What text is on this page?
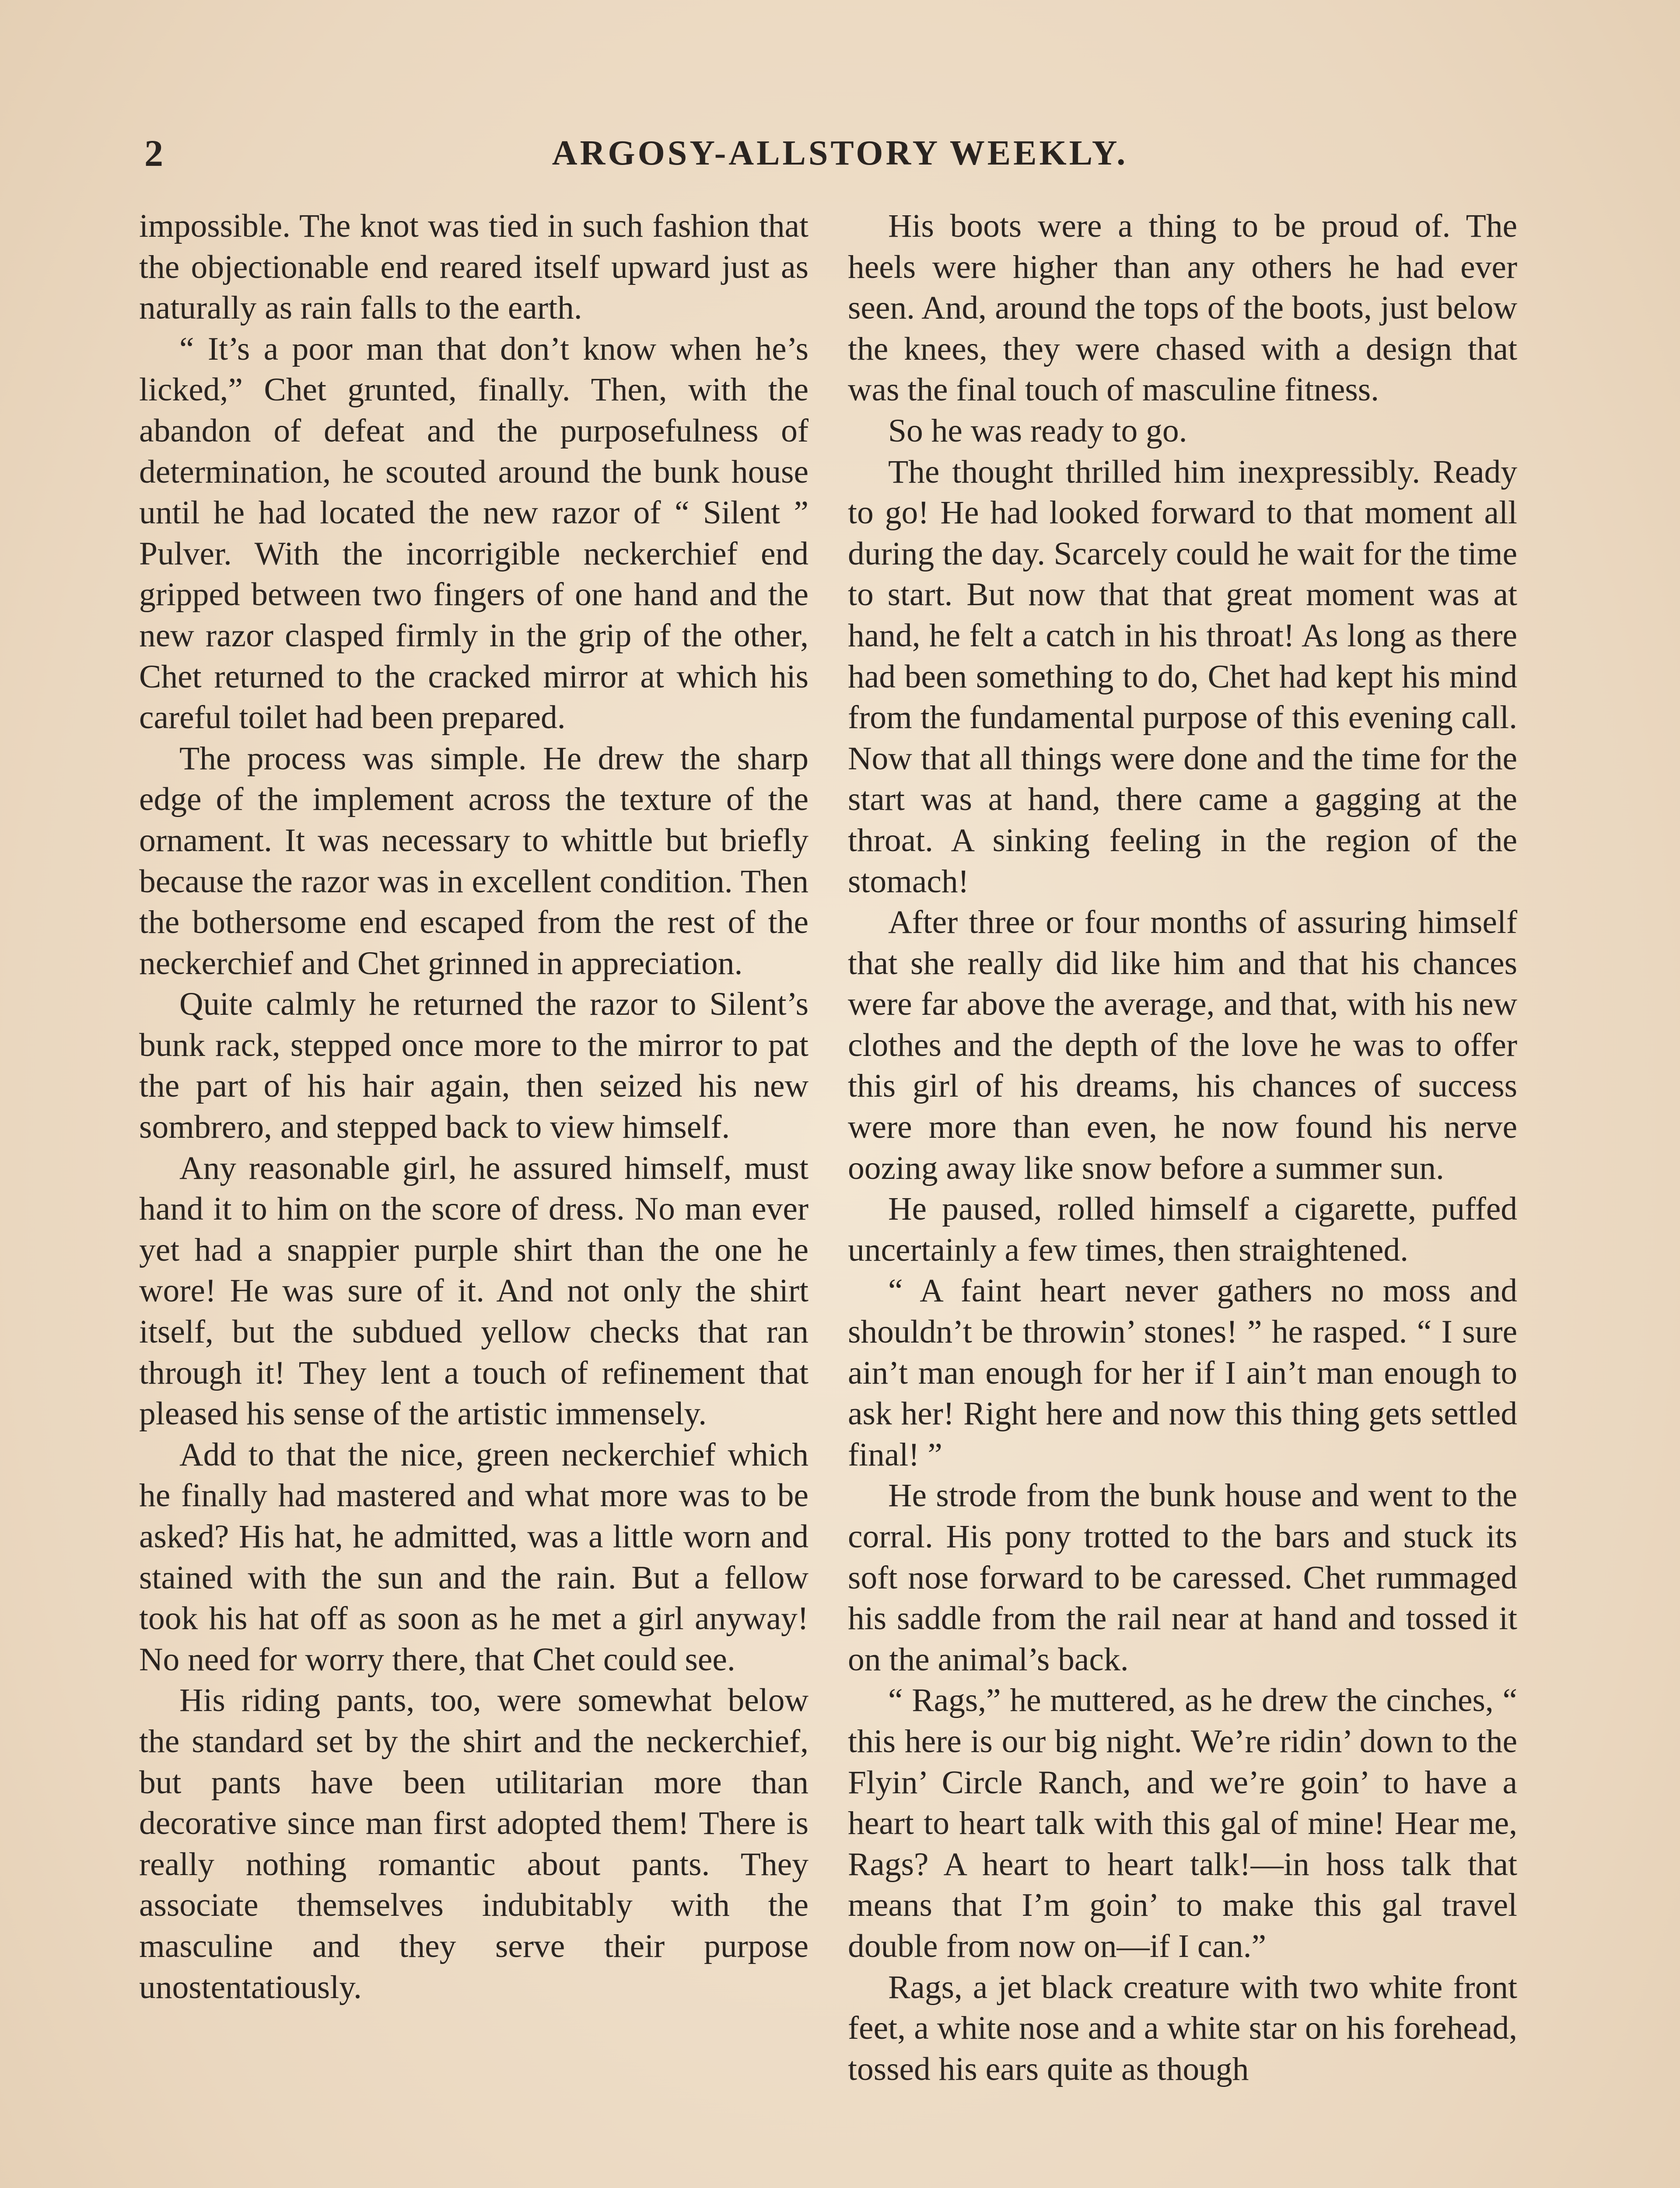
2	ARGOSY-ALLSTORY WEEKLY.

impossible. The knot was tied in such fashion that the objectionable end reared itself upward just as naturally as rain falls to the earth.

“ It’s a poor man that don’t know when he’s licked,” Chet grunted, finally. Then, with the abandon of defeat and the purposefulness of determination, he scouted around the bunk house until he had located the new razor of “ Silent ” Pulver. With the incorrigible neckerchief end gripped between two fingers of one hand and the new razor clasped firmly in the grip of the other, Chet returned to the cracked mirror at which his careful toilet had been prepared.

The process was simple. He drew the sharp edge of the implement across the texture of the ornament. It was necessary to whittle but briefly because the razor was in excellent condition. Then the bothersome end escaped from the rest of the neckerchief and Chet grinned in appreciation.

Quite calmly he returned the razor to Silent’s bunk rack, stepped once more to the mirror to pat the part of his hair again, then seized his new sombrero, and stepped back to view himself.

Any reasonable girl, he assured himself, must hand it to him on the score of dress. No man ever yet had a snappier purple shirt than the one he wore! He was sure of it. And not only the shirt itself, but the subdued yellow checks that ran through it! They lent a touch of refinement that pleased his sense of the artistic immensely.

Add to that the nice, green neckerchief which he finally had mastered and what more was to be asked? His hat, he admitted, was a little worn and stained with the sun and the rain. But a fellow took his hat off as soon as he met a girl anyway! No need for worry there, that Chet could see.

His riding pants, too, were somewhat below the standard set by the shirt and the neckerchief, but pants have been utilitarian more than decorative since man first adopted them! There is really nothing romantic about pants. They associate themselves indubitably with the masculine and they serve their purpose unostentatiously.

His boots were a thing to be proud of. The heels were higher than any others he had ever seen. And, around the tops of the boots, just below the knees, they were chased with a design that was the final touch of masculine fitness.

So he was ready to go.

The thought thrilled him inexpressibly. Ready to go! He had looked forward to that moment all during the day. Scarcely could he wait for the time to start. But now that that great moment was at hand, he felt a catch in his throat! As long as there had been something to do, Chet had kept his mind from the fundamental purpose of this evening call. Now that all things were done and the time for the start was at hand, there came a gagging at the throat. A sinking feeling in the region of the stomach!

After three or four months of assuring himself that she really did like him and that his chances were far above the average, and that, with his new clothes and the depth of the love he was to offer this girl of his dreams, his chances of success were more than even, he now found his nerve oozing away like snow before a summer sun.

He paused, rolled himself a cigarette, puffed uncertainly a few times, then straightened.

“ A faint heart never gathers no moss and shouldn’t be throwin’ stones! ” he rasped. “ I sure ain’t man enough for her if I ain’t man enough to ask her! Right here and now this thing gets settled final! ”

He strode from the bunk house and went to the corral. His pony trotted to the bars and stuck its soft nose forward to be caressed. Chet rummaged his saddle from the rail near at hand and tossed it on the animal’s back.

“ Rags,” he muttered, as he drew the cinches, “ this here is our big night. We’re ridin’ down to the Flyin’ Circle Ranch, and we’re goin’ to have a heart to heart talk with this gal of mine! Hear me, Rags? A heart to heart talk!—in hoss talk that means that I’m goin’ to make this gal travel double from now on—if I can.”

Rags, a jet black creature with two white front feet, a white nose and a white star on his forehead, tossed his ears quite as though
